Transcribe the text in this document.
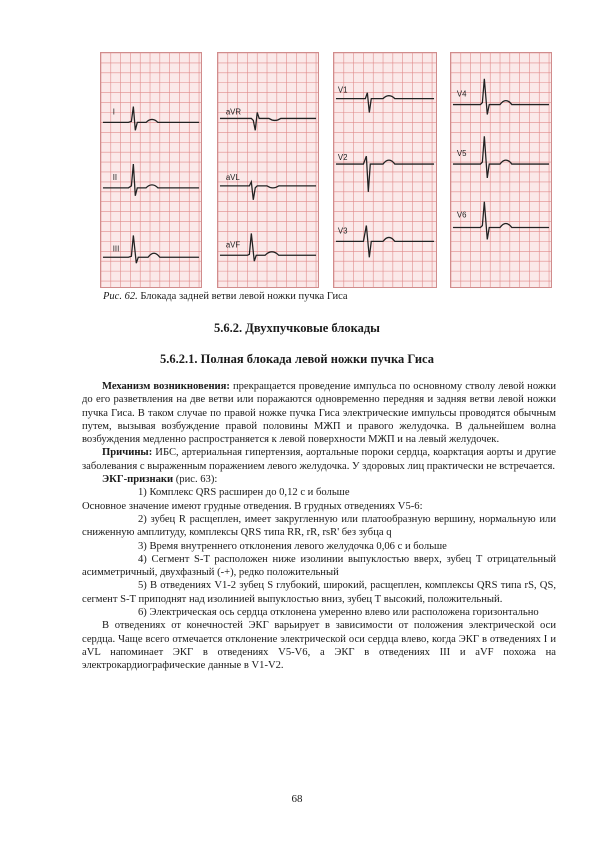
I
II
III
aVR
aVL
aVF
V1
V2
V3
V4
V5
V6
Рис. 62. Блокада задней ветви левой ножки пучка Гиса
5.6.2. Двухпучковые блокады
5.6.2.1. Полная блокада левой ножки пучка Гиса

Механизм возникновения: прекращается проведение импульса по основному стволу левой ножки до его разветвления на две ветви или поражаются одновременно передняя и задняя ветви левой ножки пучка Гиса. В таком случае по правой ножке пучка Гиса электрические импульсы проводятся обычным путем, вызывая возбуждение правой половины МЖП и правого желудочка. В дальнейшем волна возбуждения медленно распространяется к левой поверхности МЖП и на левый желудочек.

Причины: ИБС, артериальная гипертензия, аортальные пороки сердца, коарктация аорты и другие заболевания с выраженным поражением левого желудочка. У здоровых лиц практически не встречается.

ЭКГ-признаки (рис. 63):

1) Комплекс QRS расширен до 0,12 с и больше

Основное значение имеют грудные отведения. В грудных отведениях V5-6:

2) зубец R расщеплен, имеет закругленную или платообразную вершину, нормальную или сниженную амплитуду, комплексы QRS типа RR, rR, rsR' без зубца q

3) Время внутреннего отклонения левого желудочка 0,06 с и больше

4) Сегмент S-T расположен ниже изолинии выпуклостью вверх, зубец Т отрицательный асимметричный, двухфазный (-+), редко положительный

5) В отведениях V1-2 зубец S глубокий, широкий, расщеплен, комплексы QRS типа rS, QS, сегмент S-T приподнят над изолинией выпуклостью вниз, зубец Т высокий, положительный.

6) Электрическая ось сердца отклонена умеренно влево или расположена горизонтально

В отведениях от конечностей ЭКГ варьирует в зависимости от положения электрической оси сердца. Чаще всего отмечается отклонение электрической оси сердца влево, когда ЭКГ в отведениях I и aVL напоминает ЭКГ в отведениях V5-V6, а ЭКГ в отведениях III и aVF похожа на электрокардиографические данные в V1-V2.

68
